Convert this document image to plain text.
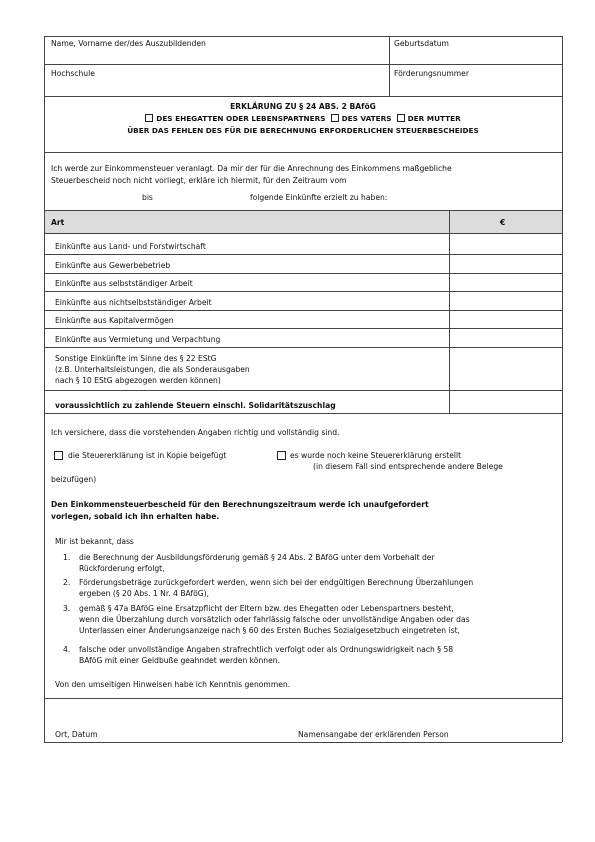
Name, Vorname der/des Auszubildenden	Geburtsdatum
Hochschule	Förderungsnummer
ERKLÄRUNG ZU § 24 ABS. 2 BAföG
DES EHEGATTEN ODER LEBENSPARTNERS DES VATERS DER MUTTER
ÜBER DAS FEHLEN DES FÜR DIE BERECHNUNG ERFORDERLICHEN STEUERBESCHEIDES
Ich werde zur Einkommensteuer veranlagt. Da mir der für die Anrechnung des Einkommens maßgebliche
Steuerbescheid noch nicht vorliegt, erkläre ich hiermit, für den Zeitraum vom
bis	folgende Einkünfte erzielt zu haben:
Art	€
Einkünfte aus Land- und Forstwirtschaft
Einkünfte aus Gewerbebetrieb
Einkünfte aus selbstständiger Arbeit
Einkünfte aus nichtselbstständiger Arbeit
Einkünfte aus Kapitalvermögen
Einkünfte aus Vermietung und Verpachtung
Sonstige Einkünfte im Sinne des § 22 EStG
(z.B. Unterhaltsleistungen, die als Sonderausgaben
nach § 10 EStG abgezogen werden können)
voraussichtlich zu zahlende Steuern einschl. Solidaritätszuschlag
Ich versichere, dass die vorstehenden Angaben richtig und vollständig sind.
die Steuererklärung ist in Kopie beigefügt	es wurde noch keine Steuererklärung erstellt
(in diesem Fall sind entsprechende andere Belege
beizufügen)
Den Einkommensteuerbescheid für den Berechnungszeitraum werde ich unaufgefordert
vorlegen, sobald ich ihn erhalten habe.
Mir ist bekannt, dass
1. die Berechnung der Ausbildungsförderung gemäß § 24 Abs. 2 BAföG unter dem Vorbehalt der
Rückforderung erfolgt,
2. Förderungsbeträge zurückgefordert werden, wenn sich bei der endgültigen Berechnung Überzahlungen
ergeben (§ 20 Abs. 1 Nr. 4 BAföG),
3. gemäß § 47a BAföG eine Ersatzpflicht der Eltern bzw. des Ehegatten oder Lebenspartners besteht,
wenn die Überzahlung durch vorsätzlich oder fahrlässig falsche oder unvollständige Angaben oder das
Unterlassen einer Änderungsanzeige nach § 60 des Ersten Buches Sozialgesetzbuch eingetreten ist,
4. falsche oder unvollständige Angaben strafrechtlich verfolgt oder als Ordnungswidrigkeit nach § 58
BAföG mit einer Geldbuße geahndet werden können.
Von den umseitigen Hinweisen habe ich Kenntnis genommen.
Ort, Datum	Namensangabe der erklärenden Person
